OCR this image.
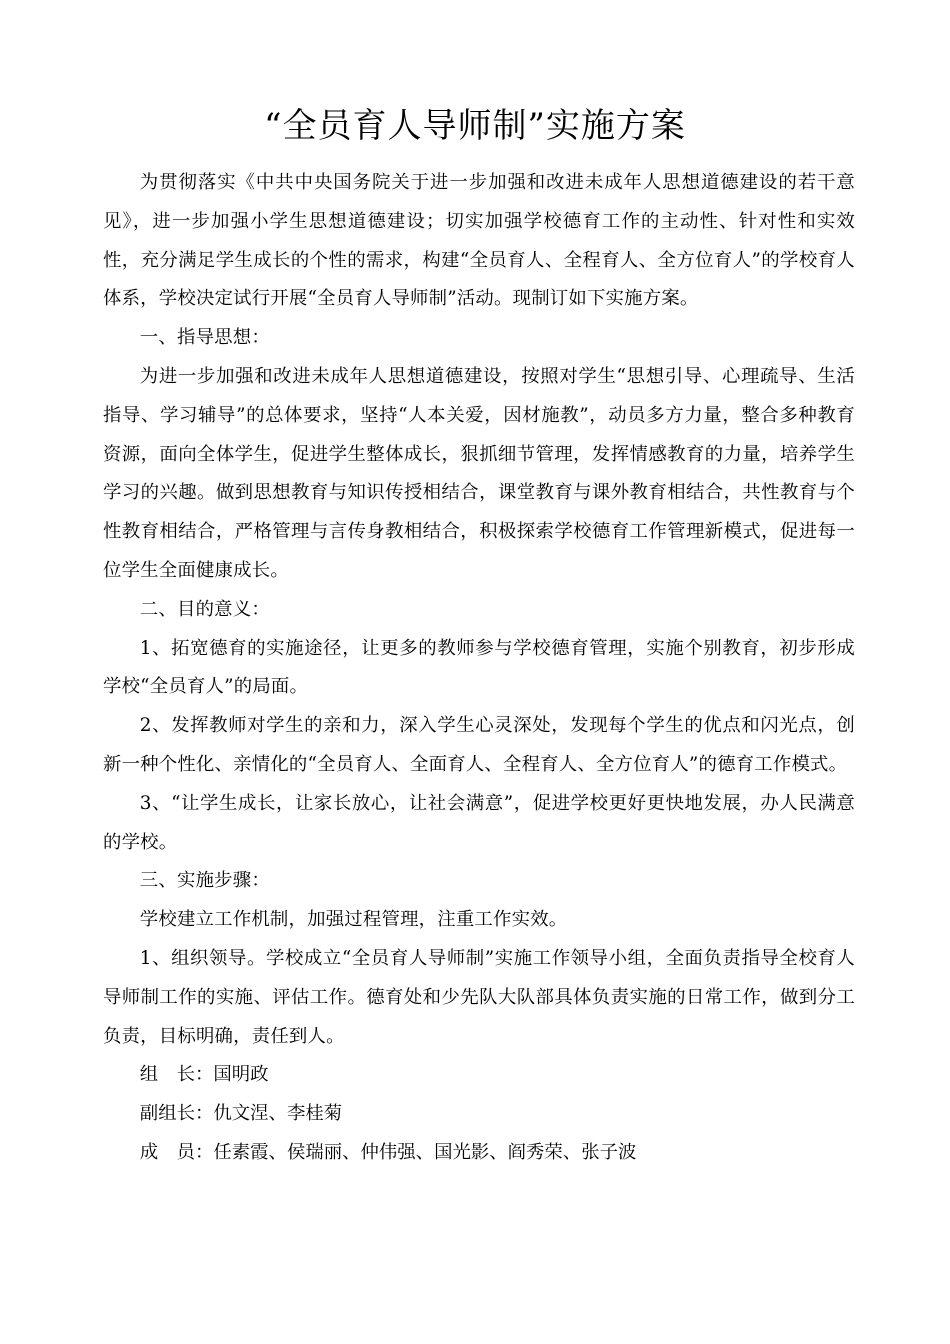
“全员育人导师制”实施方案

为贯彻落实《中共中央国务院关于进一步加强和改进未成年人思想道德建设的若干意见》，进一步加强小学生思想道德建设；切实加强学校德育工作的主动性、针对性和实效性，充分满足学生成长的个性的需求，构建“全员育人、全程育人、全方位育人”的学校育人体系，学校决定试行开展“全员育人导师制”活动。现制订如下实施方案。

一、指导思想：

为进一步加强和改进未成年人思想道德建设，按照对学生“思想引导、心理疏导、生活指导、学习辅导”的总体要求，坚持“人本关爱，因材施教”，动员多方力量，整合多种教育资源，面向全体学生，促进学生整体成长，狠抓细节管理，发挥情感教育的力量，培养学生学习的兴趣。做到思想教育与知识传授相结合，课堂教育与课外教育相结合，共性教育与个性教育相结合，严格管理与言传身教相结合，积极探索学校德育工作管理新模式，促进每一位学生全面健康成长。

二、目的意义：

1、拓宽德育的实施途径，让更多的教师参与学校德育管理，实施个别教育，初步形成学校“全员育人”的局面。

2、发挥教师对学生的亲和力，深入学生心灵深处，发现每个学生的优点和闪光点，创新一种个性化、亲情化的“全员育人、全面育人、全程育人、全方位育人”的德育工作模式。

3、“让学生成长，让家长放心，让社会满意”，促进学校更好更快地发展，办人民满意的学校。

三、实施步骤：

学校建立工作机制，加强过程管理，注重工作实效。

1、组织领导。学校成立“全员育人导师制”实施工作领导小组，全面负责指导全校育人导师制工作的实施、评估工作。德育处和少先队大队部具体负责实施的日常工作，做到分工负责，目标明确，责任到人。

组　长：国明政

副组长：仇文涅、李桂菊

成　员：任素霞、侯瑞丽、仲伟强、国光影、阎秀荣、张子波
